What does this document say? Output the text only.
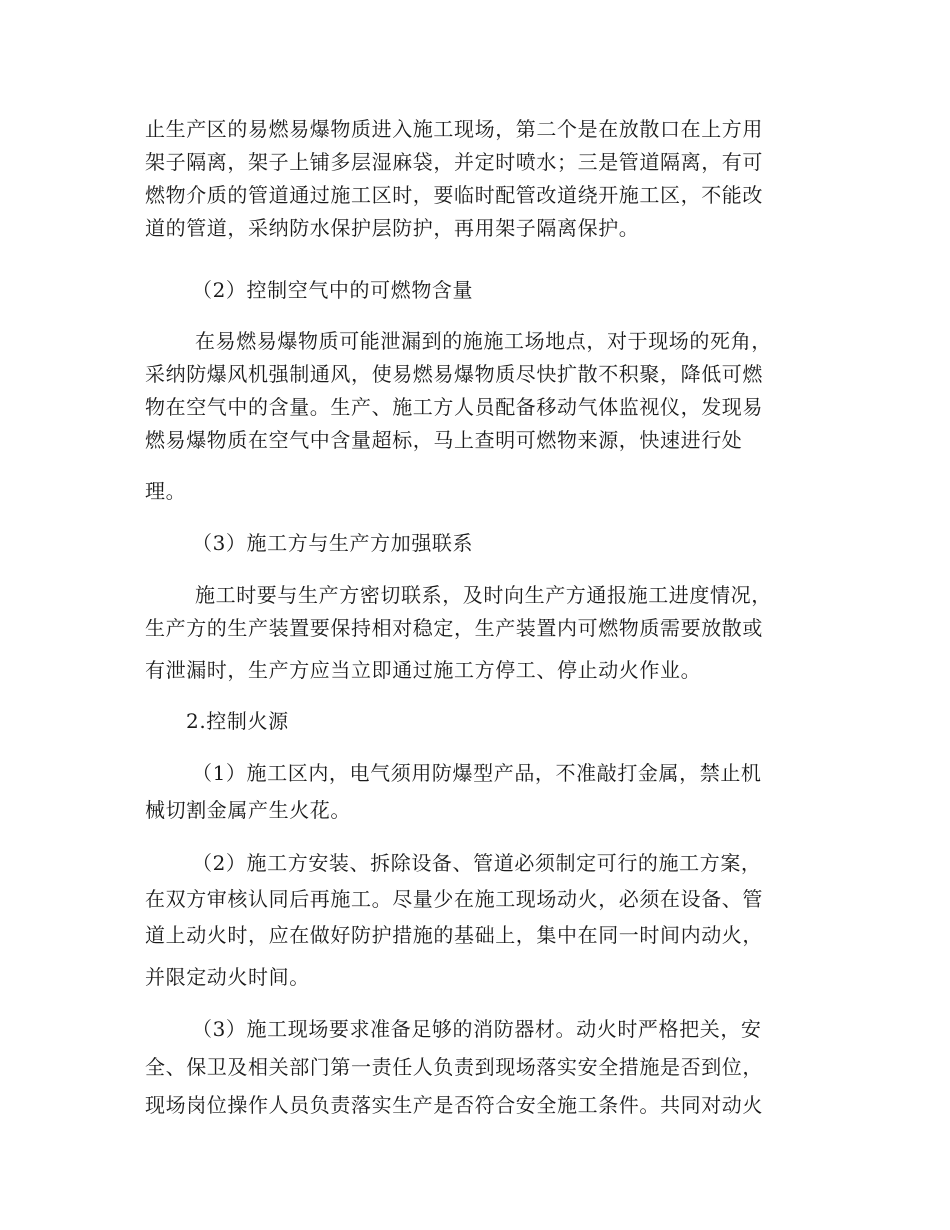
止生产区的易燃易爆物质进入施工现场，第二个是在放散口在上方用

架子隔离，架子上铺多层湿麻袋，并定时喷水；三是管道隔离，有可

燃物介质的管道通过施工区时，要临时配管改道绕开施工区，不能改

道的管道，采纳防水保护层防护，再用架子隔离保护。

（2）控制空气中的可燃物含量

在易燃易爆物质可能泄漏到的施施工场地点，对于现场的死角，

采纳防爆风机强制通风，使易燃易爆物质尽快扩散不积聚，降低可燃

物在空气中的含量。生产、施工方人员配备移动气体监视仪，发现易

燃易爆物质在空气中含量超标，马上查明可燃物来源，快速进行处

理。

（3）施工方与生产方加强联系

施工时要与生产方密切联系，及时向生产方通报施工进度情况，

生产方的生产装置要保持相对稳定，生产装置内可燃物质需要放散或

有泄漏时，生产方应当立即通过施工方停工、停止动火作业。

2.控制火源

（1）施工区内，电气须用防爆型产品，不准敲打金属，禁止机

械切割金属产生火花。

（2）施工方安装、拆除设备、管道必须制定可行的施工方案，

在双方审核认同后再施工。尽量少在施工现场动火，必须在设备、管

道上动火时，应在做好防护措施的基础上，集中在同一时间内动火，

并限定动火时间。

（3）施工现场要求准备足够的消防器材。动火时严格把关，安

全、保卫及相关部门第一责任人负责到现场落实安全措施是否到位，

现场岗位操作人员负责落实生产是否符合安全施工条件。共同对动火
